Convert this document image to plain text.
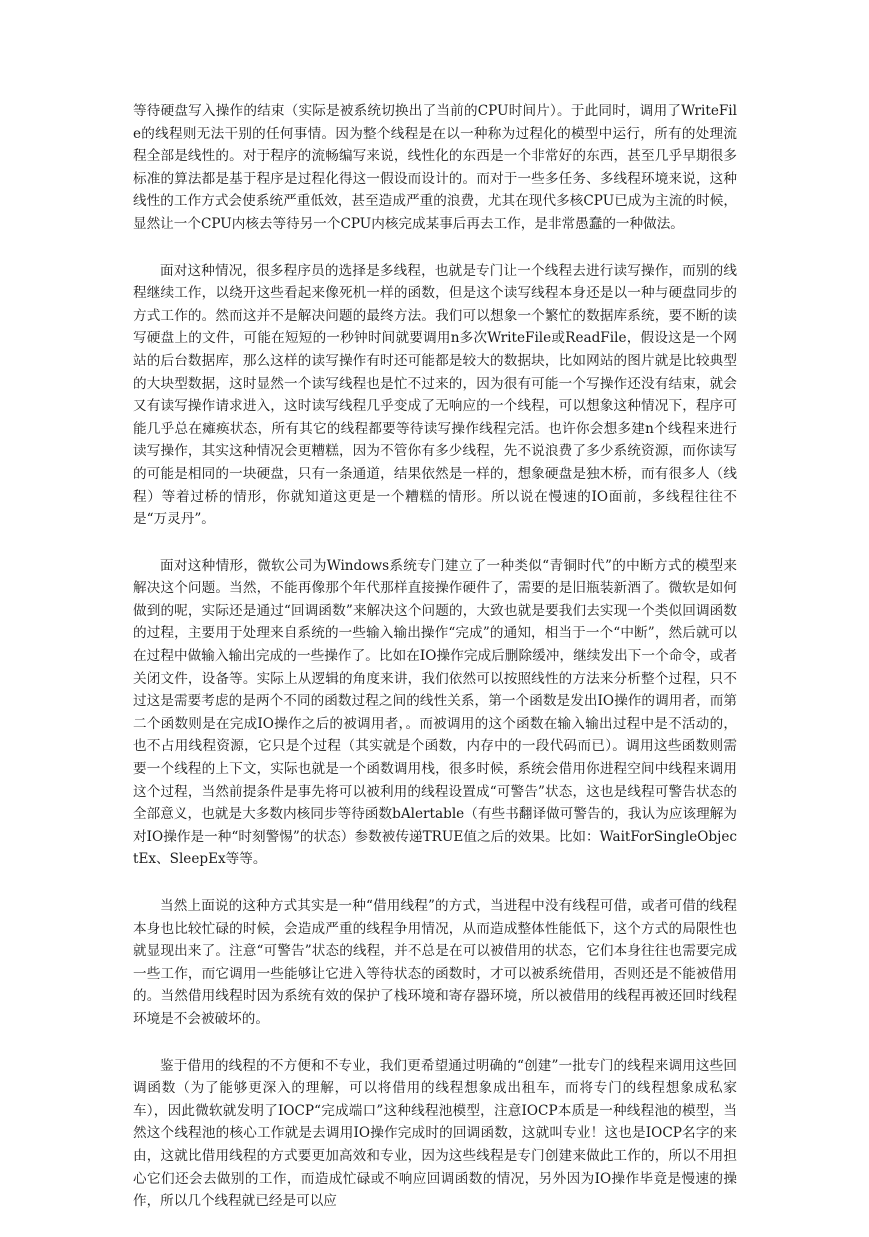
等待硬盘写入操作的结束（实际是被系统切换出了当前的CPU时间片）。于此同时，调用了WriteFile的线程则无法干别的任何事情。因为整个线程是在以一种称为过程化的模型中运行，所有的处理流程全部是线性的。对于程序的流畅编写来说，线性化的东西是一个非常好的东西，甚至几乎早期很多标准的算法都是基于程序是过程化得这一假设而设计的。而对于一些多任务、多线程环境来说，这种线性的工作方式会使系统严重低效，甚至造成严重的浪费，尤其在现代多核CPU已成为主流的时候，显然让一个CPU内核去等待另一个CPU内核完成某事后再去工作，是非常愚蠢的一种做法。

面对这种情况，很多程序员的选择是多线程，也就是专门让一个线程去进行读写操作，而别的线程继续工作，以绕开这些看起来像死机一样的函数，但是这个读写线程本身还是以一种与硬盘同步的方式工作的。然而这并不是解决问题的最终方法。我们可以想象一个繁忙的数据库系统，要不断的读写硬盘上的文件，可能在短短的一秒钟时间就要调用n多次WriteFile或ReadFile，假设这是一个网站的后台数据库，那么这样的读写操作有时还可能都是较大的数据块，比如网站的图片就是比较典型的大块型数据，这时显然一个读写线程也是忙不过来的，因为很有可能一个写操作还没有结束，就会又有读写操作请求进入，这时读写线程几乎变成了无响应的一个线程，可以想象这种情况下，程序可能几乎总在瘫痪状态，所有其它的线程都要等待读写操作线程完活。也许你会想多建n个线程来进行读写操作，其实这种情况会更糟糕，因为不管你有多少线程，先不说浪费了多少系统资源，而你读写的可能是相同的一块硬盘，只有一条通道，结果依然是一样的，想象硬盘是独木桥，而有很多人（线程）等着过桥的情形，你就知道这更是一个糟糕的情形。所以说在慢速的IO面前，多线程往往不是“万灵丹”。

面对这种情形，微软公司为Windows系统专门建立了一种类似“青铜时代”的中断方式的模型来解决这个问题。当然，不能再像那个年代那样直接操作硬件了，需要的是旧瓶装新酒了。微软是如何做到的呢，实际还是通过“回调函数”来解决这个问题的，大致也就是要我们去实现一个类似回调函数的过程，主要用于处理来自系统的一些输入输出操作“完成”的通知，相当于一个“中断”，然后就可以在过程中做输入输出完成的一些操作了。比如在IO操作完成后删除缓冲，继续发出下一个命令，或者关闭文件，设备等。实际上从逻辑的角度来讲，我们依然可以按照线性的方法来分析整个过程，只不过这是需要考虑的是两个不同的函数过程之间的线性关系，第一个函数是发出IO操作的调用者，而第二个函数则是在完成IO操作之后的被调用者，。而被调用的这个函数在输入输出过程中是不活动的，也不占用线程资源，它只是个过程（其实就是个函数，内存中的一段代码而已）。调用这些函数则需要一个线程的上下文，实际也就是一个函数调用栈，很多时候，系统会借用你进程空间中线程来调用这个过程，当然前提条件是事先将可以被利用的线程设置成“可警告”状态，这也是线程可警告状态的全部意义，也就是大多数内核同步等待函数bAlertable（有些书翻译做可警告的，我认为应该理解为对IO操作是一种“时刻警惕”的状态）参数被传递TRUE值之后的效果。比如：WaitForSingleObjectEx、SleepEx等等。

当然上面说的这种方式其实是一种“借用线程”的方式，当进程中没有线程可借，或者可借的线程本身也比较忙碌的时候，会造成严重的线程争用情况，从而造成整体性能低下，这个方式的局限性也就显现出来了。注意“可警告”状态的线程，并不总是在可以被借用的状态，它们本身往往也需要完成一些工作，而它调用一些能够让它进入等待状态的函数时，才可以被系统借用，否则还是不能被借用的。当然借用线程时因为系统有效的保护了栈环境和寄存器环境，所以被借用的线程再被还回时线程环境是不会被破坏的。

鉴于借用的线程的不方便和不专业，我们更希望通过明确的“创建”一批专门的线程来调用这些回调函数（为了能够更深入的理解，可以将借用的线程想象成出租车，而将专门的线程想象成私家车），因此微软就发明了IOCP“完成端口”这种线程池模型，注意IOCP本质是一种线程池的模型，当然这个线程池的核心工作就是去调用IO操作完成时的回调函数，这就叫专业！这也是IOCP名字的来由，这就比借用线程的方式要更加高效和专业，因为这些线程是专门创建来做此工作的，所以不用担心它们还会去做别的工作，而造成忙碌或不响应回调函数的情况，另外因为IO操作毕竟是慢速的操作，所以几个线程就已经是可以应
